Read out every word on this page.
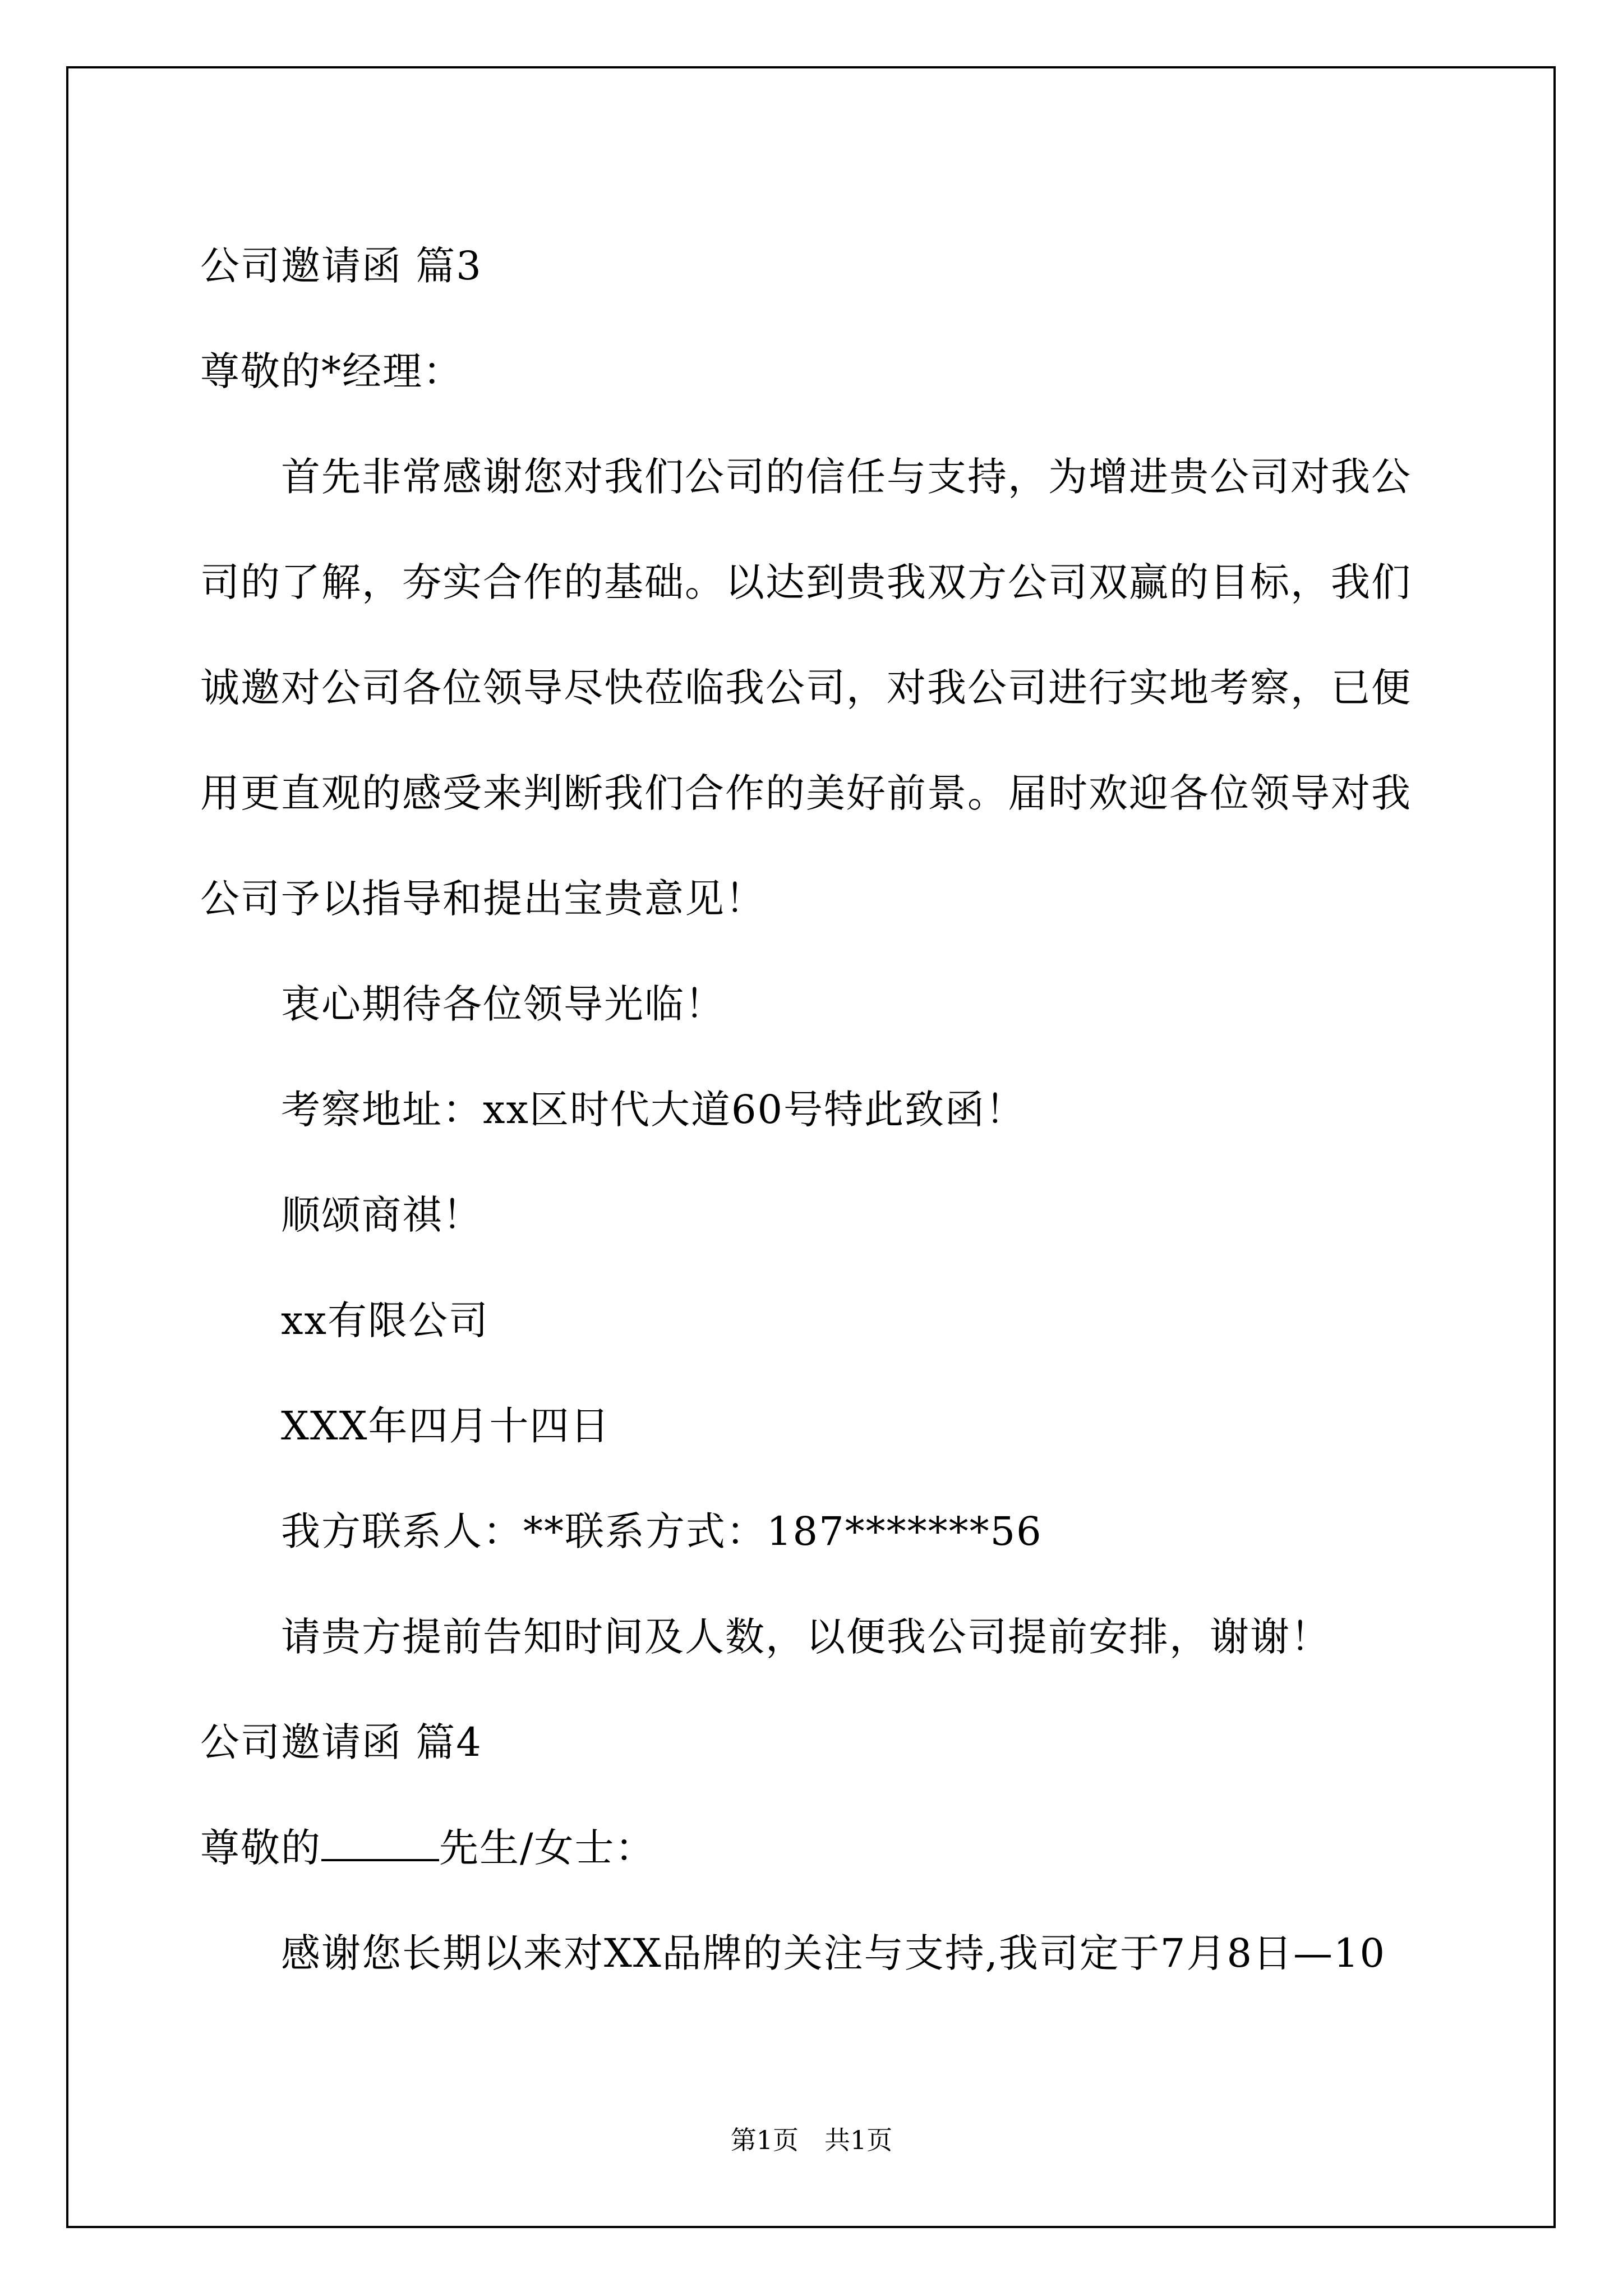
公司邀请函 篇3
尊敬的*经理：
首先非常感谢您对我们公司的信任与支持，为增进贵公司对我公
司的了解，夯实合作的基础。以达到贵我双方公司双赢的目标，我们
诚邀对公司各位领导尽快莅临我公司，对我公司进行实地考察，已便
用更直观的感受来判断我们合作的美好前景。届时欢迎各位领导对我
公司予以指导和提出宝贵意见！
衷心期待各位领导光临！
考察地址：xx区时代大道60号特此致函！
顺颂商祺！
xx有限公司
XXX年四月十四日
我方联系人：**联系方式：187*******56
请贵方提前告知时间及人数，以便我公司提前安排，谢谢！
公司邀请函 篇4
尊敬的	先生/女士：
感谢您长期以来对XX品牌的关注与支持,我司定于7月8日—10
第1页　共1页
